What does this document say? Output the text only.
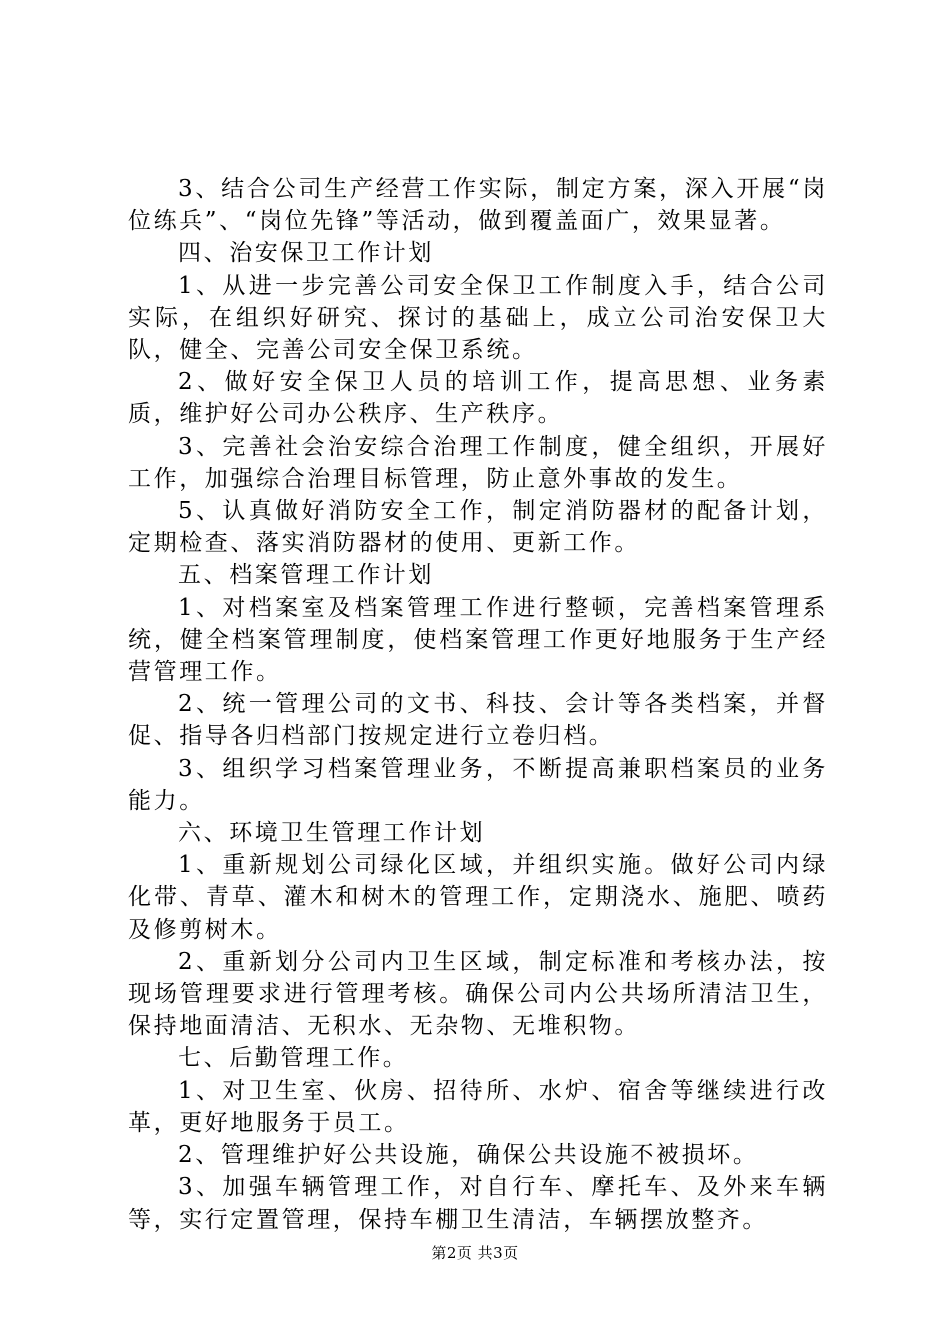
3、结合公司生产经营工作实际，制定方案，深入开展“岗位练兵”、“岗位先锋”等活动，做到覆盖面广，效果显著。

四、治安保卫工作计划

1、从进一步完善公司安全保卫工作制度入手，结合公司实际，在组织好研究、探讨的基础上，成立公司治安保卫大队，健全、完善公司安全保卫系统。

2、做好安全保卫人员的培训工作，提高思想、业务素质，维护好公司办公秩序、生产秩序。

3、完善社会治安综合治理工作制度，健全组织，开展好工作，加强综合治理目标管理，防止意外事故的发生。

5、认真做好消防安全工作，制定消防器材的配备计划，定期检查、落实消防器材的使用、更新工作。

五、档案管理工作计划

1、对档案室及档案管理工作进行整顿，完善档案管理系统，健全档案管理制度，使档案管理工作更好地服务于生产经营管理工作。

2、统一管理公司的文书、科技、会计等各类档案，并督促、指导各归档部门按规定进行立卷归档。

3、组织学习档案管理业务，不断提高兼职档案员的业务能力。

六、环境卫生管理工作计划

1、重新规划公司绿化区域，并组织实施。做好公司内绿化带、青草、灌木和树木的管理工作，定期浇水、施肥、喷药及修剪树木。

2、重新划分公司内卫生区域，制定标准和考核办法，按现场管理要求进行管理考核。确保公司内公共场所清洁卫生，保持地面清洁、无积水、无杂物、无堆积物。

七、后勤管理工作。

1、对卫生室、伙房、招待所、水炉、宿舍等继续进行改革，更好地服务于员工。

2、管理维护好公共设施，确保公共设施不被损坏。

3、加强车辆管理工作，对自行车、摩托车、及外来车辆等，实行定置管理，保持车棚卫生清洁，车辆摆放整齐。

第2页 共3页
